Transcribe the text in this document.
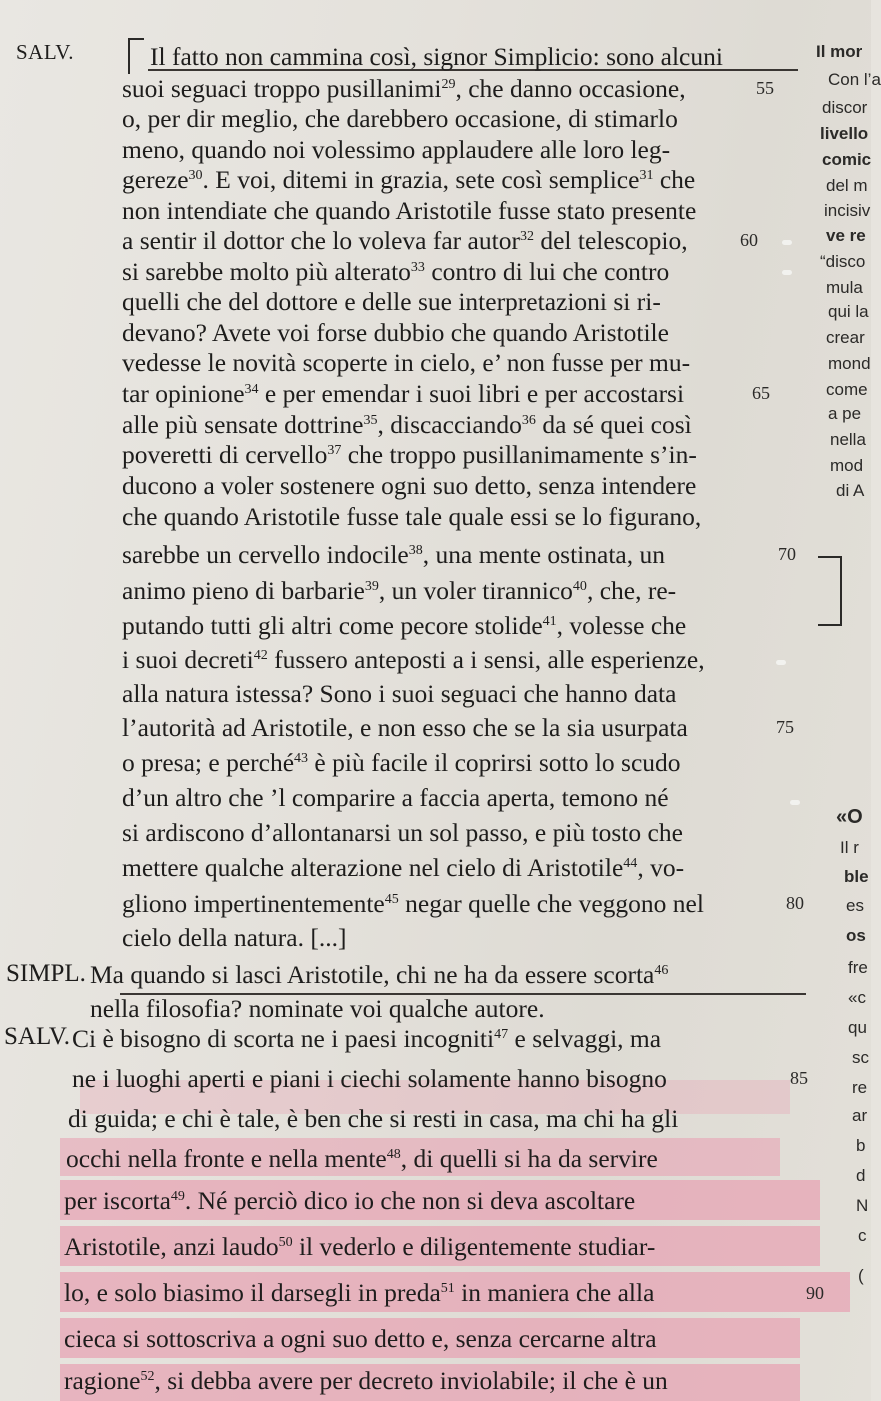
SALV.
SIMPL.
SALV.
Il fatto non cammina così, signor Simplicio: sono alcuni
suoi seguaci troppo pusillanimi$^{29}$, che danno occasione,
o, per dir meglio, che darebbero occasione, di stimarlo
meno, quando noi volessimo applaudere alle loro leg-
gereze$^{30}$. E voi, ditemi in grazia, sete così semplice$^{31}$ che
non intendiate che quando Aristotile fusse stato presente
a sentir il dottor che lo voleva far autor$^{32}$ del telescopio,
si sarebbe molto più alterato$^{33}$ contro di lui che contro
quelli che del dottore e delle sue interpretazioni si ri-
devano? Avete voi forse dubbio che quando Aristotile
vedesse le novità scoperte in cielo, e’ non fusse per mu-
tar opinione$^{34}$ e per emendar i suoi libri e per accostarsi
alle più sensate dottrine$^{35}$, discacciando$^{36}$ da sé quei così
poveretti di cervello$^{37}$ che troppo pusillanimamente s’in-
ducono a voler sostenere ogni suo detto, senza intendere
che quando Aristotile fusse tale quale essi se lo figurano,
sarebbe un cervello indocile$^{38}$, una mente ostinata, un
animo pieno di barbarie$^{39}$, un voler tirannico$^{40}$, che, re-
putando tutti gli altri come pecore stolide$^{41}$, volesse che
i suoi decreti$^{42}$ fussero anteposti a i sensi, alle esperienze,
alla natura istessa? Sono i suoi seguaci che hanno data
l’autorità ad Aristotile, e non esso che se la sia usurpata
o presa; e perché$^{43}$ è più facile il coprirsi sotto lo scudo
d’un altro che ’l comparire a faccia aperta, temono né
si ardiscono d’allontanarsi un sol passo, e più tosto che
mettere qualche alterazione nel cielo di Aristotile$^{44}$, vo-
gliono impertinentemente$^{45}$ negar quelle che veggono nel
cielo della natura. [...]
Ma quando si lasci Aristotile, chi ne ha da essere scorta$^{46}$
nella filosofia? nominate voi qualche autore.
Ci è bisogno di scorta ne i paesi incogniti$^{47}$ e selvaggi, ma
ne i luoghi aperti e piani i ciechi solamente hanno bisogno
di guida; e chi è tale, è ben che si resti in casa, ma chi ha gli
occhi nella fronte e nella mente$^{48}$, di quelli si ha da servire
per iscorta$^{49}$. Né perciò dico io che non si deva ascoltare
Aristotile, anzi laudo$^{50}$ il vederlo e diligentemente studiar-
lo, e solo biasimo il darsegli in preda$^{51}$ in maniera che alla
cieca si sottoscriva a ogni suo detto e, senza cercarne altra
ragione$^{52}$, si debba avere per decreto inviolabile; il che è un
55
60
65
70
75
80
85
90
Il mor
Con l’a
discor
livello
comic
del m
incisiv
ve re
“disco
mula
qui la
crear
mond
come
a pe
nella
mod
di A
«O
Il r
ble
es
os
fre
«c
qu
sc
re
ar
b
d
N
c
(
